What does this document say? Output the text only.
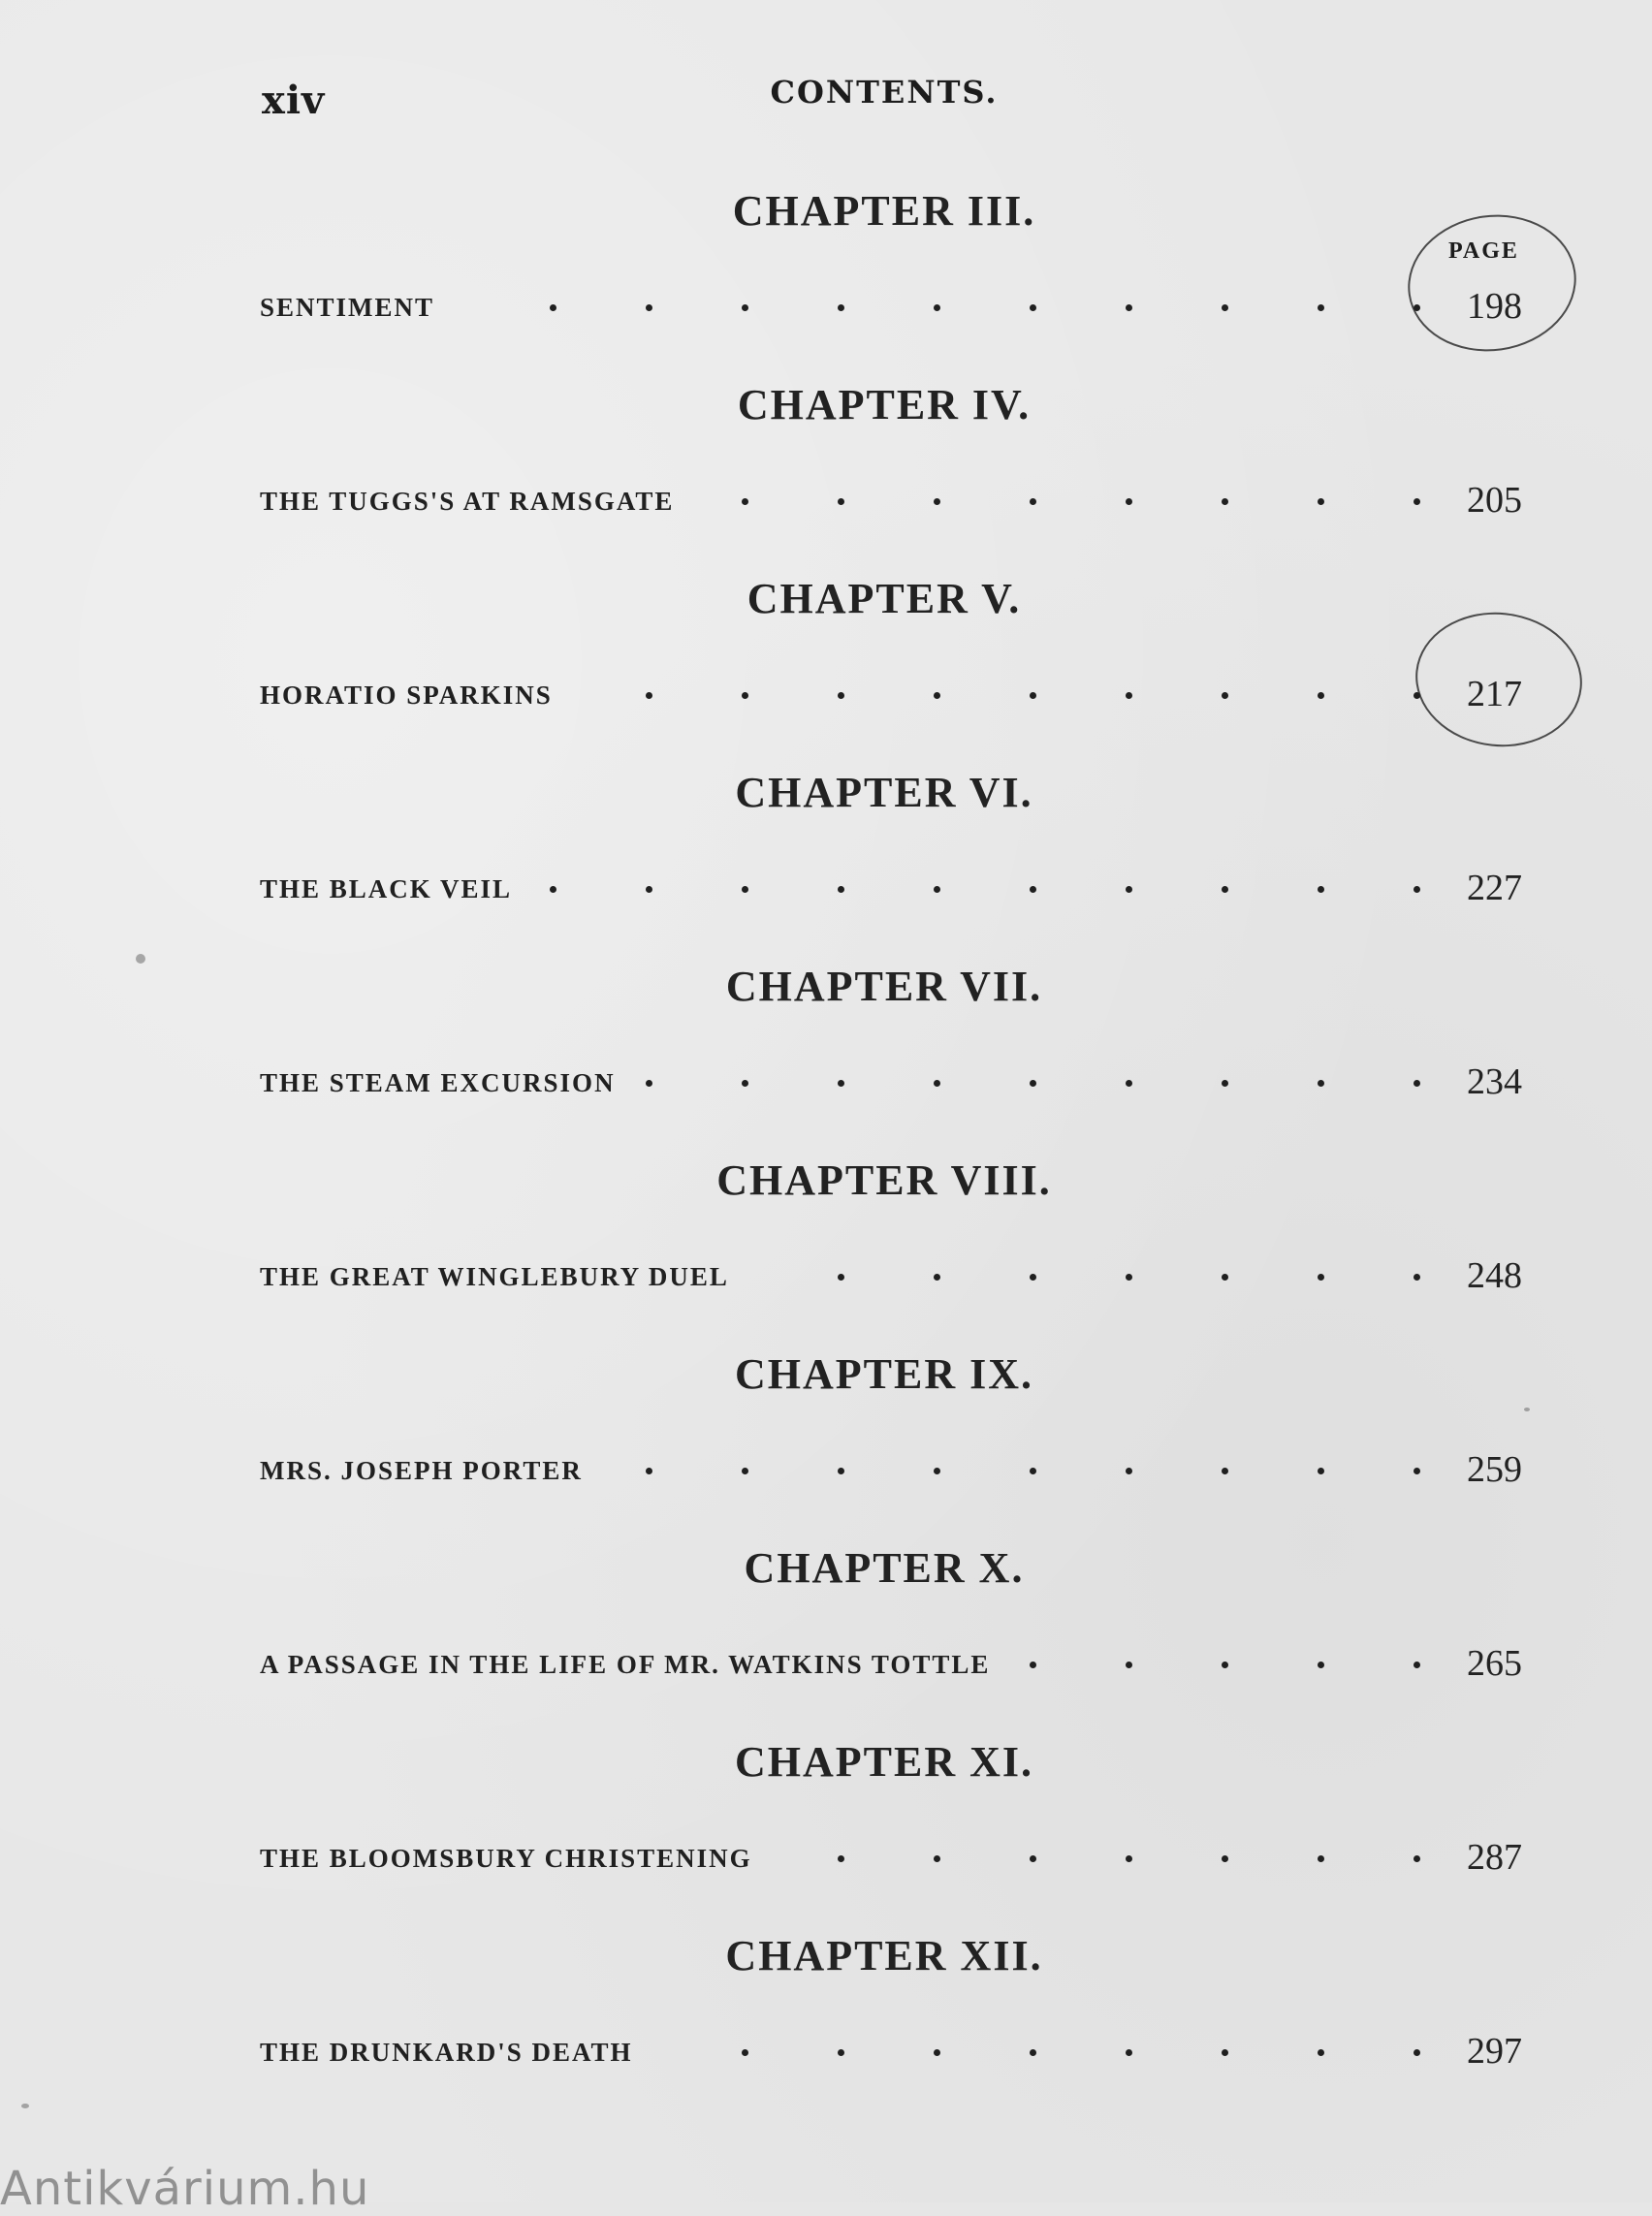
xiv	CONTENTS.
PAGE
CHAPTER III.
SENTIMENT	198
CHAPTER IV.
THE TUGGS'S AT RAMSGATE	205
CHAPTER V.
HORATIO SPARKINS	217
CHAPTER VI.
THE BLACK VEIL	227
CHAPTER VII.
THE STEAM EXCURSION	234
CHAPTER VIII.
THE GREAT WINGLEBURY DUEL	248
CHAPTER IX.
MRS. JOSEPH PORTER	259
CHAPTER X.
A PASSAGE IN THE LIFE OF MR. WATKINS TOTTLE	265
CHAPTER XI.
THE BLOOMSBURY CHRISTENING	287
CHAPTER XII.
THE DRUNKARD'S DEATH	297
Antikvárium.hu
